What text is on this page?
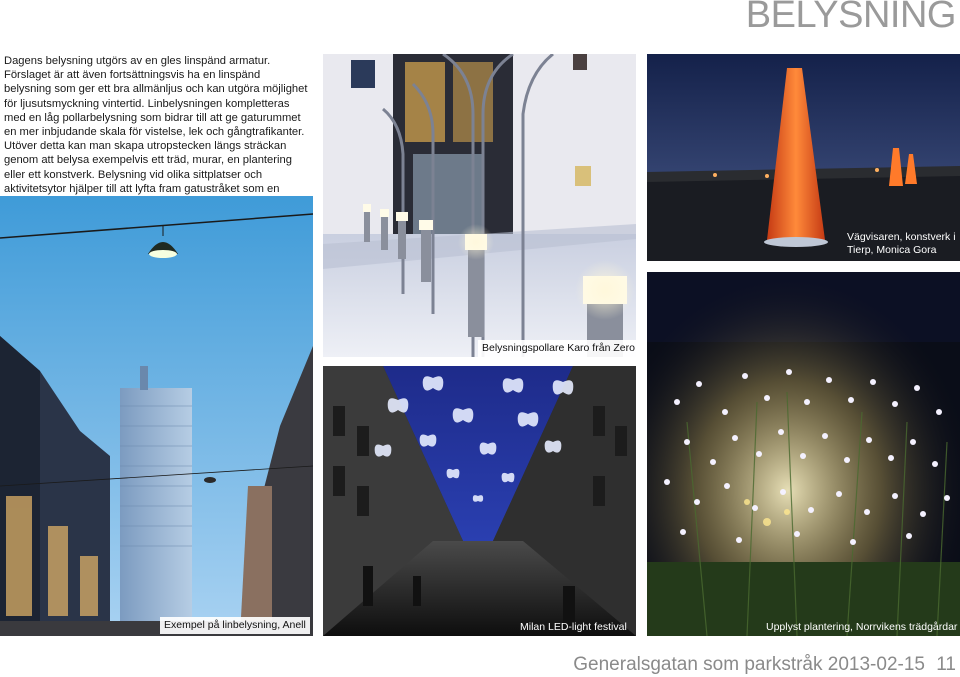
BELYSNING
Dagens belysning utgörs av en gles linspänd armatur. Förslaget är att även fortsättningsvis ha en linspänd belysning som ger ett bra allmänljus och kan utgöra möjlighet för ljusutsmyckning vintertid. Linbelysningen kompletteras med en låg pollarbelysning som bidrar till att ge gaturummet en mer inbjudande skala för vistelse, lek och gångtrafikanter. Utöver detta kan man skapa utropstecken längs sträckan genom att belysa exempelvis ett träd, murar, en plantering eller ett konstverk. Belysning vid olika sittplatser och aktivitetsytor hjälper till att lyfta fram gatustråket som en
Belysningspollare Karo från Zero
Vägvisaren, konstverk i Tierp, Monica Gora
Exempel på linbelysning, Anell	Milan LED-light festival	Upplyst plantering, Norrvikens trädgårdar
Generalsgatan som parkstråk 2013-02-15 11
